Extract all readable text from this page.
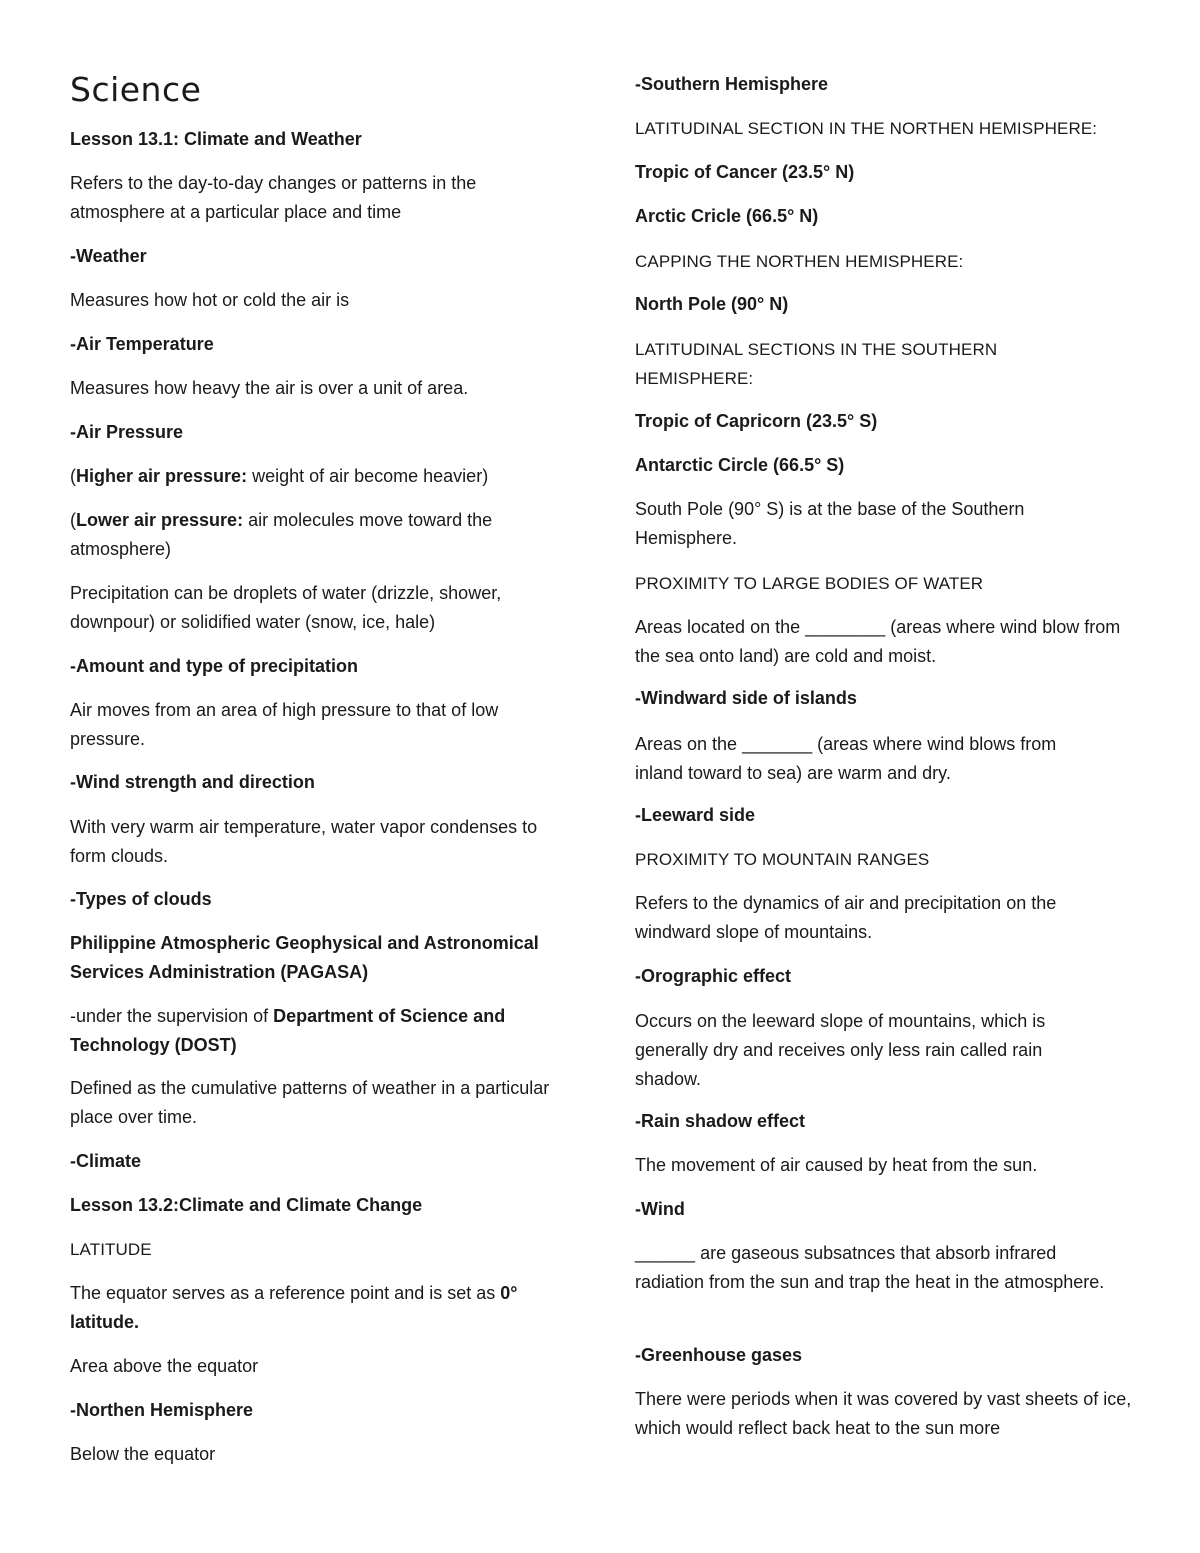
Science

Lesson 13.1: Climate and Weather

Refers to the day-to-day changes or patterns in the atmosphere at a particular place and time

-Weather

Measures how hot or cold the air is

-Air Temperature

Measures how heavy the air is over a unit of area.

-Air Pressure

(Higher air pressure: weight of air become heavier)

(Lower air pressure: air molecules move toward the atmosphere)

Precipitation can be droplets of water (drizzle, shower, downpour) or solidified water (snow, ice, hale)

-Amount and type of precipitation

Air moves from an area of high pressure to that of low pressure.

-Wind strength and direction

With very warm air temperature, water vapor condenses to form clouds.

-Types of clouds

Philippine Atmospheric Geophysical and Astronomical Services Administration (PAGASA)

-under the supervision of Department of Science and Technology (DOST)

Defined as the cumulative patterns of weather in a particular place over time.

-Climate

Lesson 13.2:Climate and Climate Change

LATITUDE

The equator serves as a reference point and is set as 0° latitude.

Area above the equator

-Northen Hemisphere

Below the equator

-Southern Hemisphere

LATITUDINAL SECTION IN THE NORTHEN HEMISPHERE:

Tropic of Cancer (23.5° N)

Arctic Cricle (66.5° N)

CAPPING THE NORTHEN HEMISPHERE:

North Pole (90° N)

LATITUDINAL SECTIONS IN THE SOUTHERN HEMISPHERE:

Tropic of Capricorn (23.5° S)

Antarctic Circle (66.5° S)

South Pole (90° S) is at the base of the Southern Hemisphere.

PROXIMITY TO LARGE BODIES OF WATER

Areas located on the ________ (areas where wind blow from the sea onto land) are cold and moist.

-Windward side of islands

Areas on the _______ (areas where wind blows from inland toward to sea) are warm and dry.

-Leeward side

PROXIMITY TO MOUNTAIN RANGES

Refers to the dynamics of air and precipitation on the windward slope of mountains.

-Orographic effect

Occurs on the leeward slope of mountains, which is generally dry and receives only less rain called rain shadow.

-Rain shadow effect

The movement of air caused by heat from the sun.

-Wind

______ are gaseous subsatnces that absorb infrared radiation from the sun and trap the heat in the atmosphere.

-Greenhouse gases

There were periods when it was covered by vast sheets of ice, which would reflect back heat to the sun more
